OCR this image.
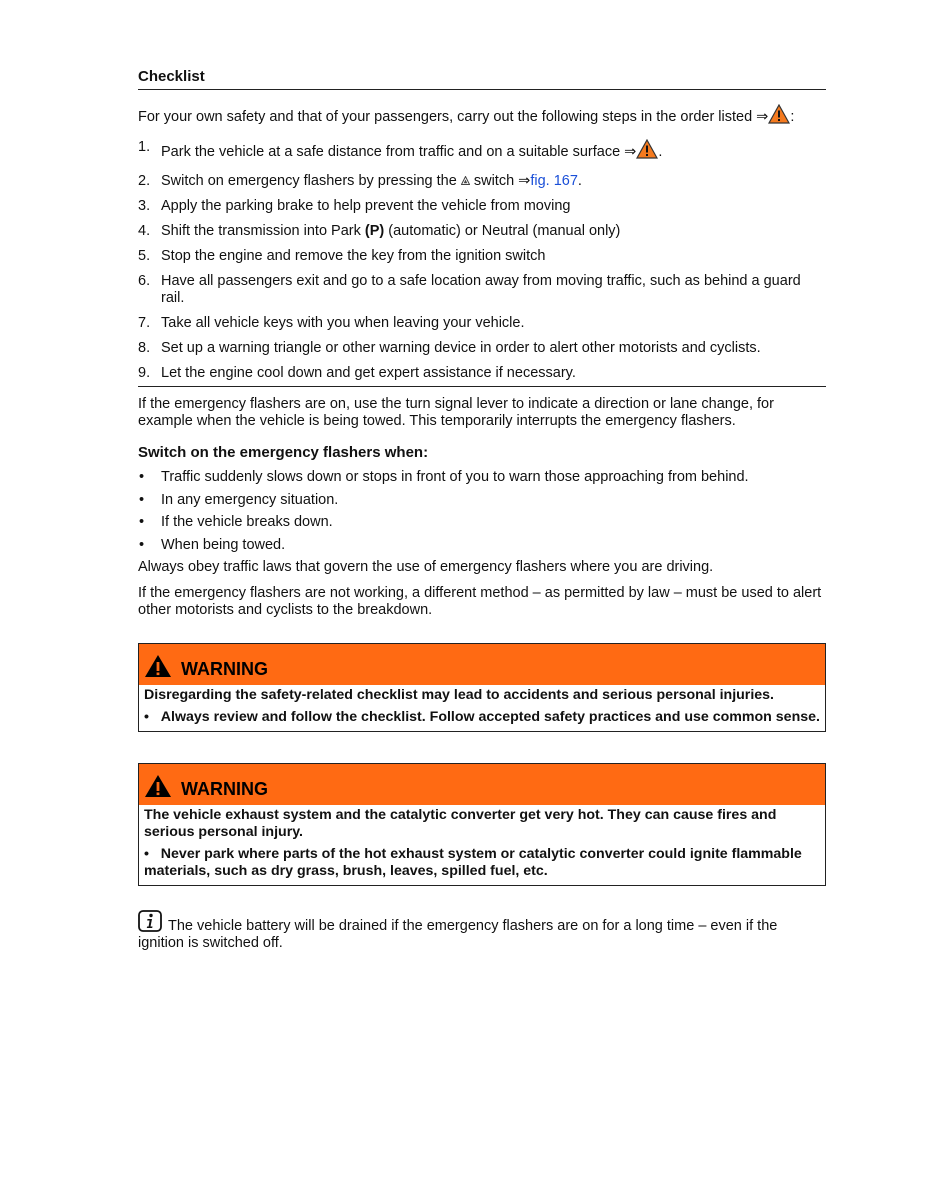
Checklist

For your own safety and that of your passengers, carry out the following steps in the order listed ⇒ :

1. Park the vehicle at a safe distance from traffic and on a suitable surface ⇒ .
2. Switch on emergency flashers by pressing the switch ⇒fig. 167.
3. Apply the parking brake to help prevent the vehicle from moving
4. Shift the transmission into Park (P) (automatic) or Neutral (manual only)
5. Stop the engine and remove the key from the ignition switch
6. Have all passengers exit and go to a safe location away from moving traffic, such as behind a guard rail.
7. Take all vehicle keys with you when leaving your vehicle.
8. Set up a warning triangle or other warning device in order to alert other motorists and cyclists.
9. Let the engine cool down and get expert assistance if necessary.

If the emergency flashers are on, use the turn signal lever to indicate a direction or lane change, for example when the vehicle is being towed. This temporarily interrupts the emergency flashers.

Switch on the emergency flashers when:
• Traffic suddenly slows down or stops in front of you to warn those approaching from behind.
• In any emergency situation.
• If the vehicle breaks down.
• When being towed.

Always obey traffic laws that govern the use of emergency flashers where you are driving.

If the emergency flashers are not working, a different method – as permitted by law – must be used to alert other motorists and cyclists to the breakdown.

WARNING
Disregarding the safety-related checklist may lead to accidents and serious personal injuries.
• Always review and follow the checklist. Follow accepted safety practices and use common sense.
WARNING
The vehicle exhaust system and the catalytic converter get very hot. They can cause fires and serious personal injury.
• Never park where parts of the hot exhaust system or catalytic converter could ignite flammable materials, such as dry grass, brush, leaves, spilled fuel, etc.

The vehicle battery will be drained if the emergency flashers are on for a long time – even if the ignition is switched off.
